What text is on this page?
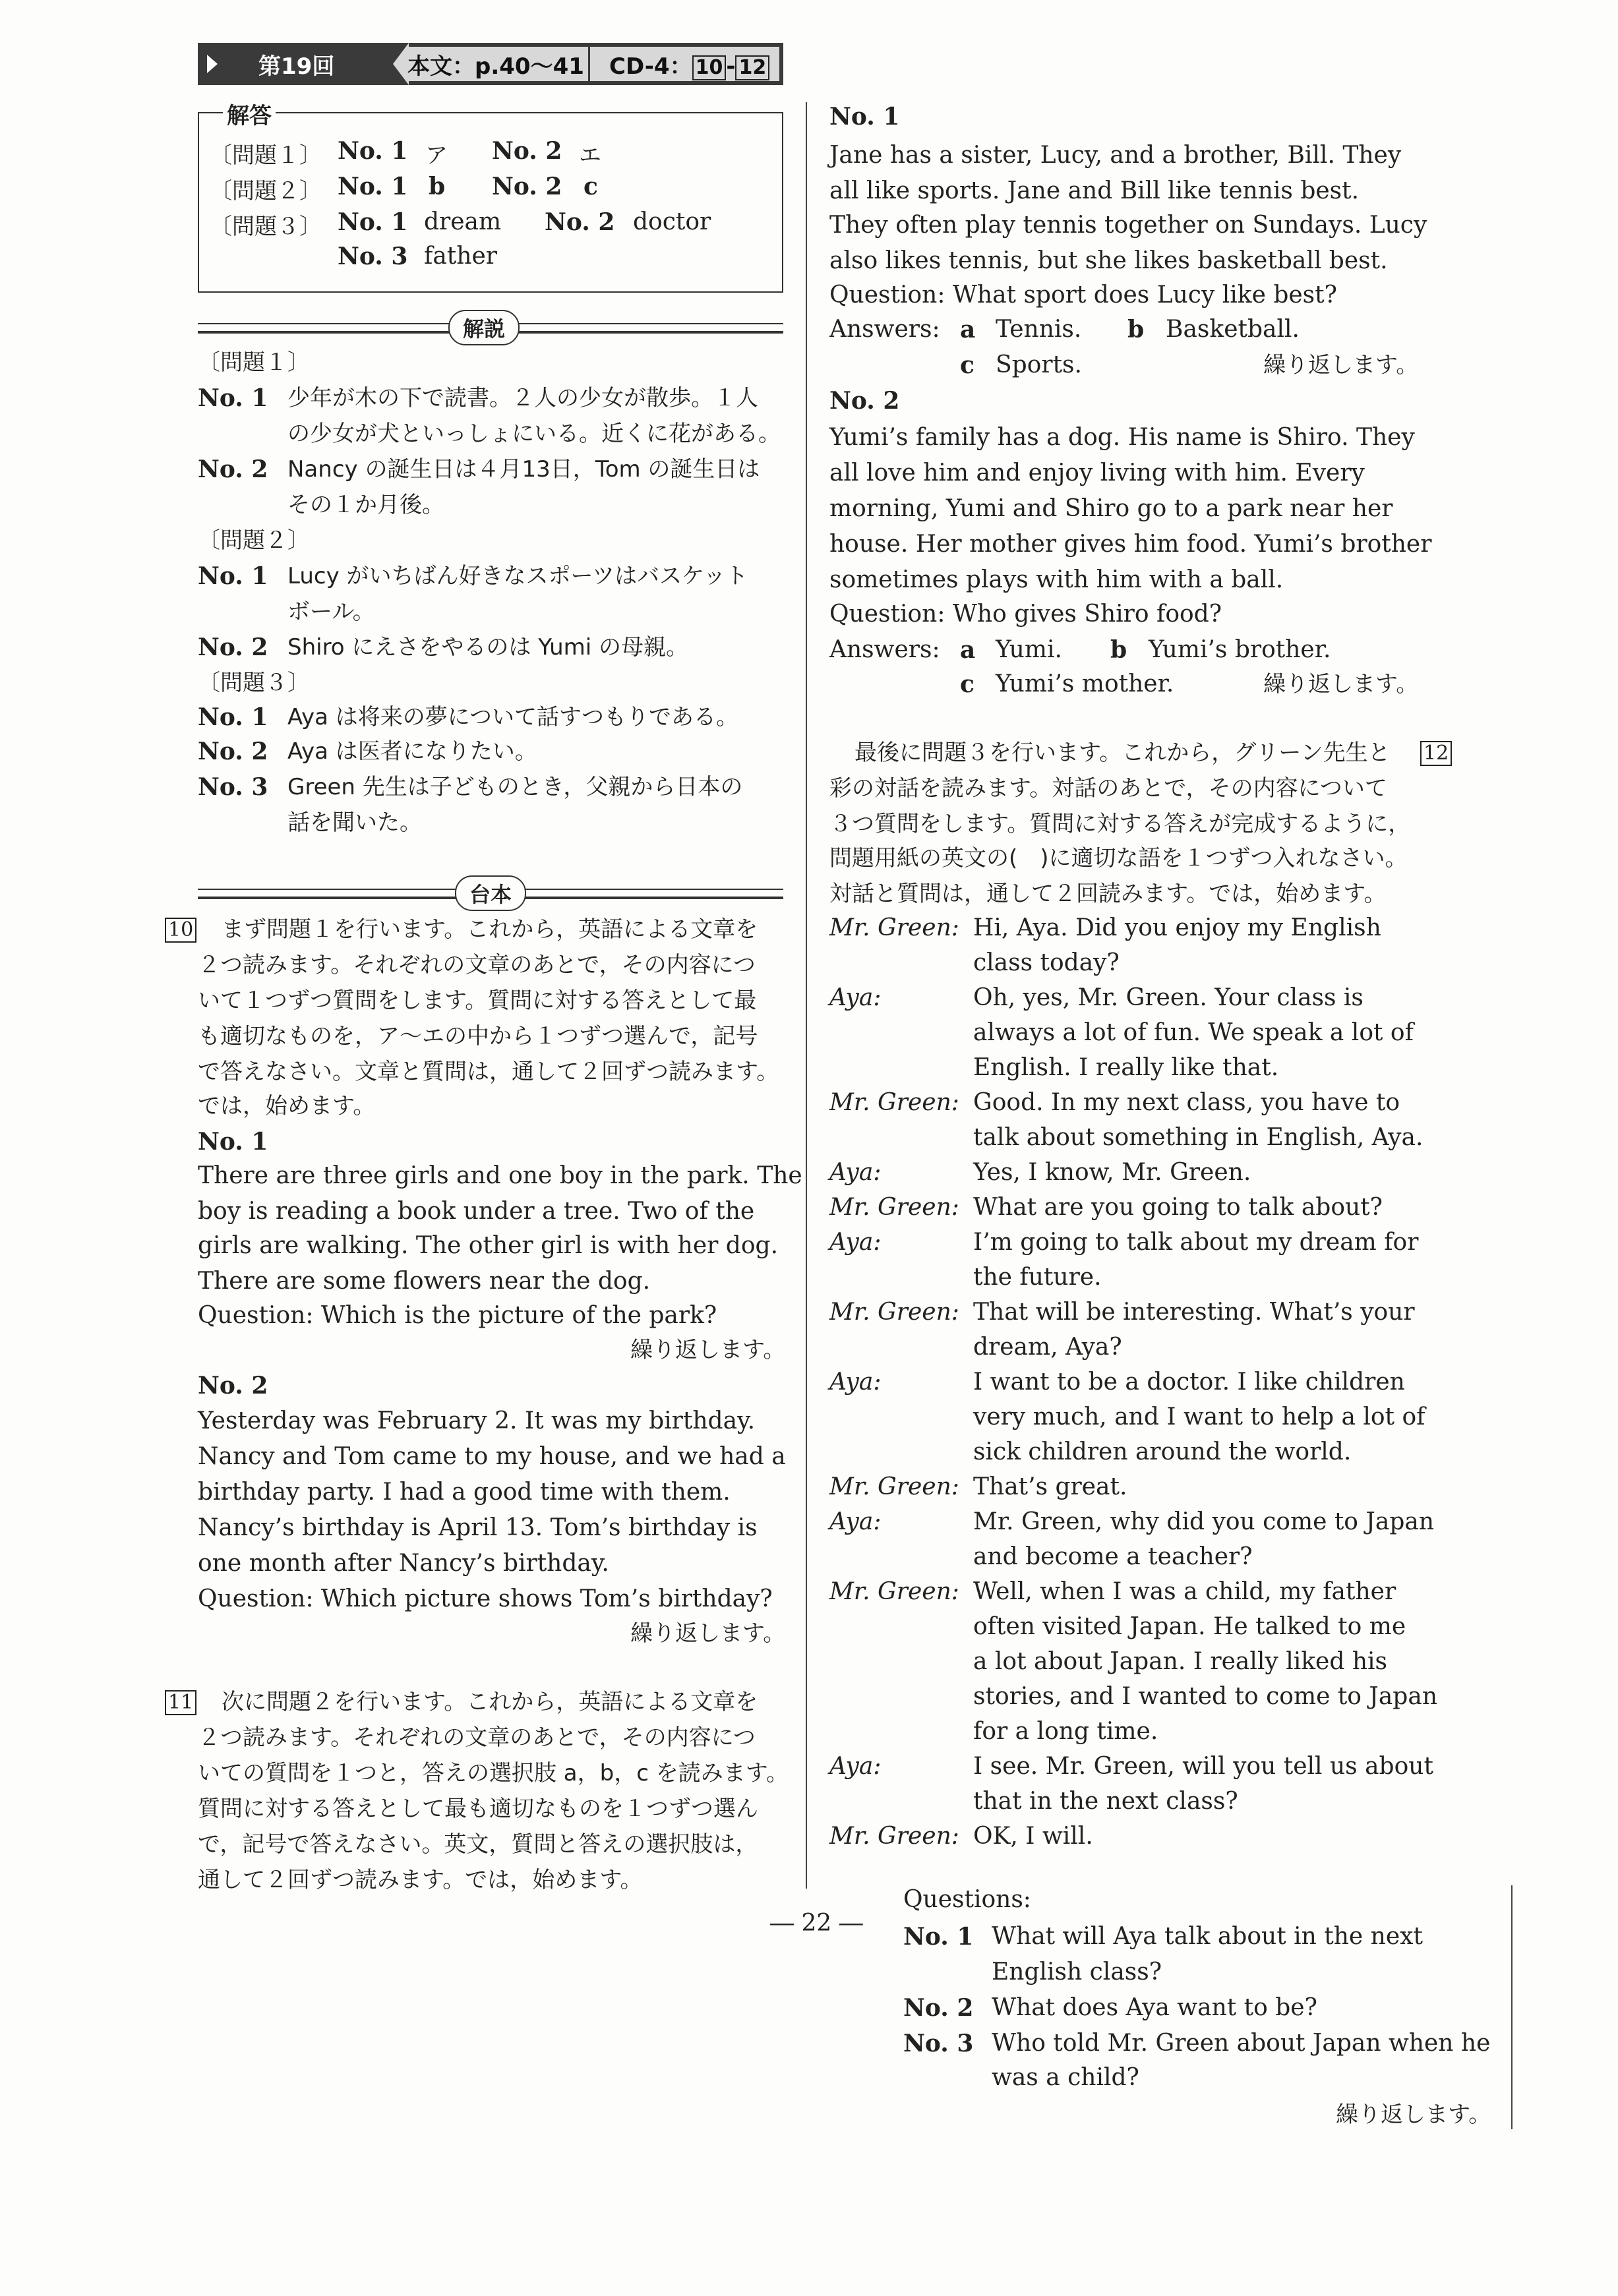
第19回	本文：p.40〜41 CD-4： 10 - 12
解答
〔問題１〕 No. 1 ア No. 2 エ
〔問題２〕 No. 1 b No. 2 c
〔問題３〕 No. 1 dream No. 2 doctor
No. 3 father
解説
〔問題１〕
No. 1 少年が木の下で読書。２人の少女が散歩。１人
の少女が犬といっしょにいる。近くに花がある。
No. 2 Nancy の誕生日は４月13日，Tom の誕生日は
その１か月後。
〔問題２〕
No. 1 Lucy がいちばん好きなスポーツはバスケット
ボール。
No. 2 Shiro にえさをやるのは Yumi の母親。
〔問題３〕
No. 1 Aya は将来の夢について話すつもりである。
No. 2 Aya は医者になりたい。
No. 3 Green 先生は子どものとき，父親から日本の
話を聞いた。
台本
10 まず問題１を行います。これから，英語による文章を
２つ読みます。それぞれの文章のあとで，その内容につ
いて１つずつ質問をします。質問に対する答えとして最
も適切なものを，ア〜エの中から１つずつ選んで，記号
で答えなさい。文章と質問は，通して２回ずつ読みます。
では，始めます。
No. 1
There are three girls and one boy in the park. The
boy is reading a book under a tree. Two of the
girls are walking. The other girl is with her dog.
There are some flowers near the dog.
Question: Which is the picture of the park?
繰り返します。
No. 2
Yesterday was February 2. It was my birthday.
Nancy and Tom came to my house, and we had a
birthday party. I had a good time with them.
Nancy’s birthday is April 13. Tom’s birthday is
one month after Nancy’s birthday.
Question: Which picture shows Tom’s birthday?
繰り返します。
11 次に問題２を行います。これから，英語による文章を
２つ読みます。それぞれの文章のあとで，その内容につ
いての質問を１つと，答えの選択肢 a，b，c を読みます。
質問に対する答えとして最も適切なものを１つずつ選ん
で，記号で答えなさい。英文，質問と答えの選択肢は，
通して２回ずつ読みます。では，始めます。
No. 1
Jane has a sister, Lucy, and a brother, Bill. They
all like sports. Jane and Bill like tennis best.
They often play tennis together on Sundays. Lucy
also likes tennis, but she likes basketball best.
Question: What sport does Lucy like best?
Answers: a Tennis. b Basketball.
c Sports.	繰り返します。
No. 2
Yumi’s family has a dog. His name is Shiro. They
all love him and enjoy living with him. Every
morning, Yumi and Shiro go to a park near her
house. Her mother gives him food. Yumi’s brother
sometimes plays with him with a ball.
Question: Who gives Shiro food?
Answers: a Yumi. b Yumi’s brother.
c Yumi’s mother.	繰り返します。
最後に問題３を行います。これから，グリーン先生と 12
彩の対話を読みます。対話のあとで，その内容について
３つ質問をします。質問に対する答えが完成するように，
問題用紙の英文の(　)に適切な語を１つずつ入れなさい。
対話と質問は，通して２回読みます。では，始めます。
Mr. Green: Hi, Aya. Did you enjoy my English
class today?
Aya:	Oh, yes, Mr. Green. Your class is
always a lot of fun. We speak a lot of
English. I really like that.
Mr. Green: Good. In my next class, you have to
talk about something in English, Aya.
Aya:	Yes, I know, Mr. Green.
Mr. Green: What are you going to talk about?
Aya:	I’m going to talk about my dream for
the future.
Mr. Green: That will be interesting. What’s your
dream, Aya?
Aya:	I want to be a doctor. I like children
very much, and I want to help a lot of
sick children around the world.
Mr. Green: That’s great.
Aya:	Mr. Green, why did you come to Japan
and become a teacher?
Mr. Green: Well, when I was a child, my father
often visited Japan. He talked to me
a lot about Japan. I really liked his
stories, and I wanted to come to Japan
for a long time.
Aya:	I see. Mr. Green, will you tell us about
that in the next class?
Mr. Green: OK, I will.
Questions:
No. 1 What will Aya talk about in the next
English class?
No. 2 What does Aya want to be?
No. 3 Who told Mr. Green about Japan when he
was a child?
繰り返します。
― 22 ―
